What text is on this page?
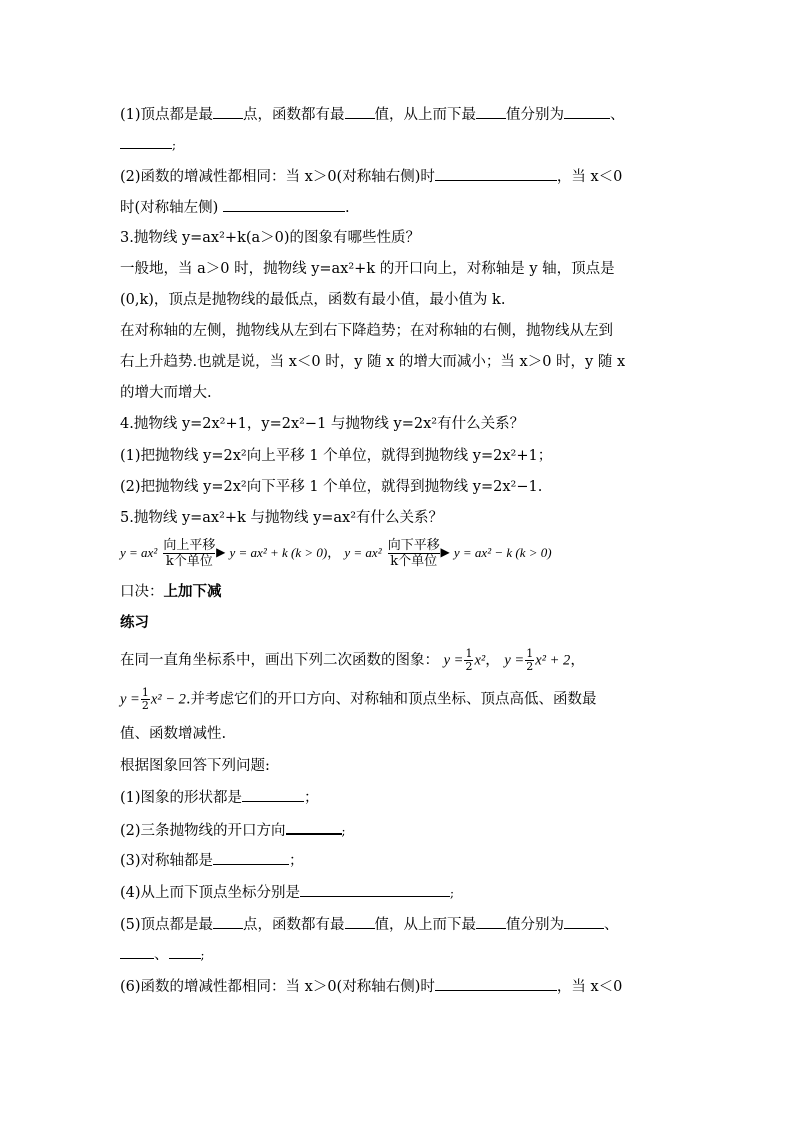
(1)顶点都是最 点，函数都有最 值，从上而下最 值分别为	、
;
(2)函数的增减性都相同：当 x＞0(对称轴右侧)时	，当 x＜0
时(对称轴左侧)	.
3.抛物线 y=ax²+k(a＞0)的图象有哪些性质？
一般地，当 a＞0 时，抛物线 y=ax²+k 的开口向上，对称轴是 y 轴，顶点是
(0,k)，顶点是抛物线的最低点，函数有最小值，最小值为 k.
在对称轴的左侧，抛物线从左到右下降趋势；在对称轴的右侧，抛物线从左到
右上升趋势.也就是说，当 x＜0 时，y 随 x 的增大而减小；当 x＞0 时，y 随 x
的增大而增大.
4.抛物线 y=2x²+1，y=2x²−1 与抛物线 y=2x²有什么关系？
(1)把抛物线 y=2x²向上平移 1 个单位，就得到抛物线 y=2x²+1；
(2)把抛物线 y=2x²向下平移 1 个单位，就得到抛物线 y=2x²−1.
5.抛物线 y=ax²+k 与抛物线 y=ax²有什么关系？
y = ax² 向上平移
k个单位
▶ y = ax² + k (k > 0)， y = ax² 向下平移
k个单位
▶ y = ax² − k (k > 0)
口决：上加下减
练习
在同一直角坐标系中，画出下列二次函数的图象： $y = \frac{1}{2} x^2$， $y = \frac{1}{2} x^2 + 2$，
$y = \frac{1}{2} x^2 - 2$.并考虑它们的开口方向、对称轴和顶点坐标、顶点高低、函数最
值、函数增减性.
根据图象回答下列问题:
(1)图象的形状都是	；
(2)三条抛物线的开口方向	;
(3)对称轴都是	；
(4)从上而下顶点坐标分别是	;
(5)顶点都是最 点，函数都有最 值，从上而下最 值分别为	、
、	;
(6)函数的增减性都相同：当 x＞0(对称轴右侧)时	，当 x＜0
